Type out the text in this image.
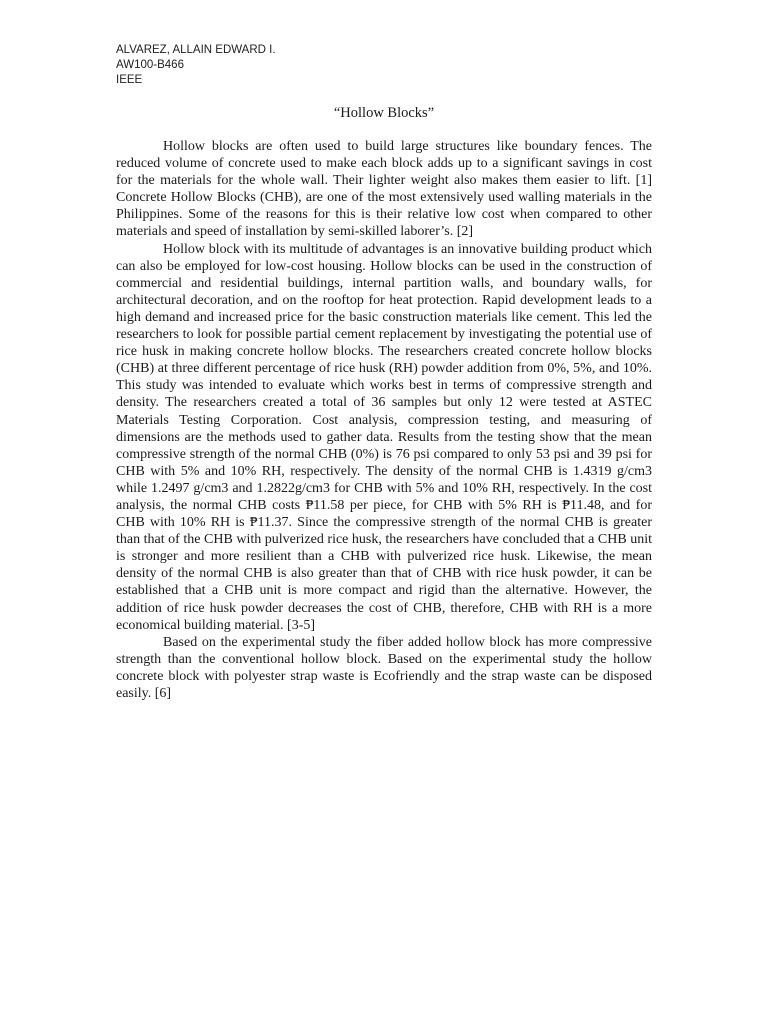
ALVAREZ, ALLAIN EDWARD I.
AW100-B466
IEEE
“Hollow Blocks”

Hollow blocks are often used to build large structures like boundary fences. The reduced volume of concrete used to make each block adds up to a significant savings in cost for the materials for the whole wall. Their lighter weight also makes them easier to lift. [1] Concrete Hollow Blocks (CHB), are one of the most extensively used walling materials in the Philippines. Some of the reasons for this is their relative low cost when compared to other materials and speed of installation by semi-skilled laborer’s. [2]

Hollow block with its multitude of advantages is an innovative building product which can also be employed for low-cost housing. Hollow blocks can be used in the construction of commercial and residential buildings, internal partition walls, and boundary walls, for architectural decoration, and on the rooftop for heat protection. Rapid development leads to a high demand and increased price for the basic construction materials like cement. This led the researchers to look for possible partial cement replacement by investigating the potential use of rice husk in making concrete hollow blocks. The researchers created concrete hollow blocks (CHB) at three different percentage of rice husk (RH) powder addition from 0%, 5%, and 10%. This study was intended to evaluate which works best in terms of compressive strength and density. The researchers created a total of 36 samples but only 12 were tested at ASTEC Materials Testing Corporation. Cost analysis, compression testing, and measuring of dimensions are the methods used to gather data. Results from the testing show that the mean compressive strength of the normal CHB (0%) is 76 psi compared to only 53 psi and 39 psi for CHB with 5% and 10% RH, respectively. The density of the normal CHB is 1.4319 g/cm3 while 1.2497 g/cm3 and 1.2822g/cm3 for CHB with 5% and 10% RH, respectively. In the cost analysis, the normal CHB costs ₱11.58 per piece, for CHB with 5% RH is ₱11.48, and for CHB with 10% RH is ₱11.37. Since the compressive strength of the normal CHB is greater than that of the CHB with pulverized rice husk, the researchers have concluded that a CHB unit is stronger and more resilient than a CHB with pulverized rice husk. Likewise, the mean density of the normal CHB is also greater than that of CHB with rice husk powder, it can be established that a CHB unit is more compact and rigid than the alternative. However, the addition of rice husk powder decreases the cost of CHB, therefore, CHB with RH is a more economical building material. [3-5]

Based on the experimental study the fiber added hollow block has more compressive strength than the conventional hollow block. Based on the experimental study the hollow concrete block with polyester strap waste is Ecofriendly and the strap waste can be disposed easily. [6]
